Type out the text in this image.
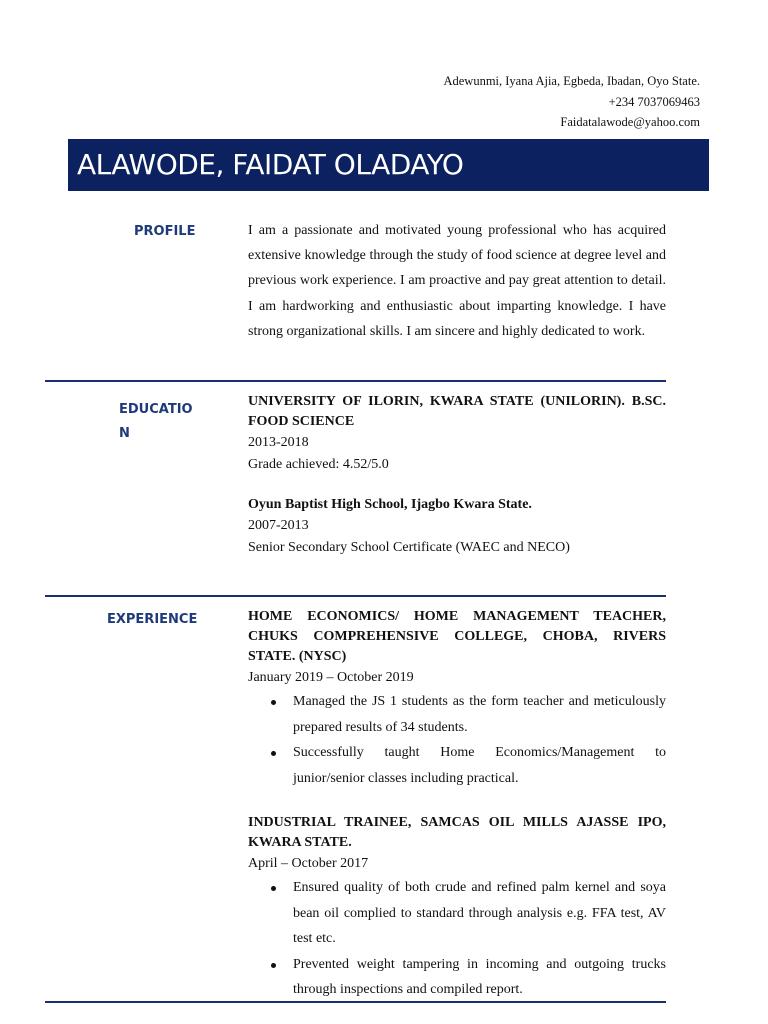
Adewunmi, Iyana Ajia, Egbeda, Ibadan, Oyo State.
+234 7037069463
Faidatalawode@yahoo.com
ALAWODE, FAIDAT OLADAYO
PROFILE	I am a passionate and motivated young professional who has acquired extensive knowledge through the study of food science at degree level and previous work experience. I am proactive and pay great attention to detail. I am hardworking and enthusiastic about imparting knowledge. I have strong organizational skills. I am sincere and highly dedicated to work.

EDUCATIO
N

UNIVERSITY OF ILORIN, KWARA STATE (UNILORIN). B.SC. FOOD SCIENCE

2013-2018

Grade achieved: 4.52/5.0

Oyun Baptist High School, Ijagbo Kwara State.

2007-2013

Senior Secondary School Certificate (WAEC and NECO)

EXPERIENCE	HOME ECONOMICS/ HOME MANAGEMENT TEACHER, CHUKS COMPREHENSIVE COLLEGE, CHOBA, RIVERS STATE. (NYSC)

January 2019 – October 2019

Managed the JS 1 students as the form teacher and meticulously prepared results of 34 students.
Successfully taught Home Economics/Management to junior/senior classes including practical.

INDUSTRIAL TRAINEE, SAMCAS OIL MILLS AJASSE IPO, KWARA STATE.

April – October 2017

Ensured quality of both crude and refined palm kernel and soya bean oil complied to standard through analysis e.g. FFA test, AV test etc.
Prevented weight tampering in incoming and outgoing trucks through inspections and compiled report.
